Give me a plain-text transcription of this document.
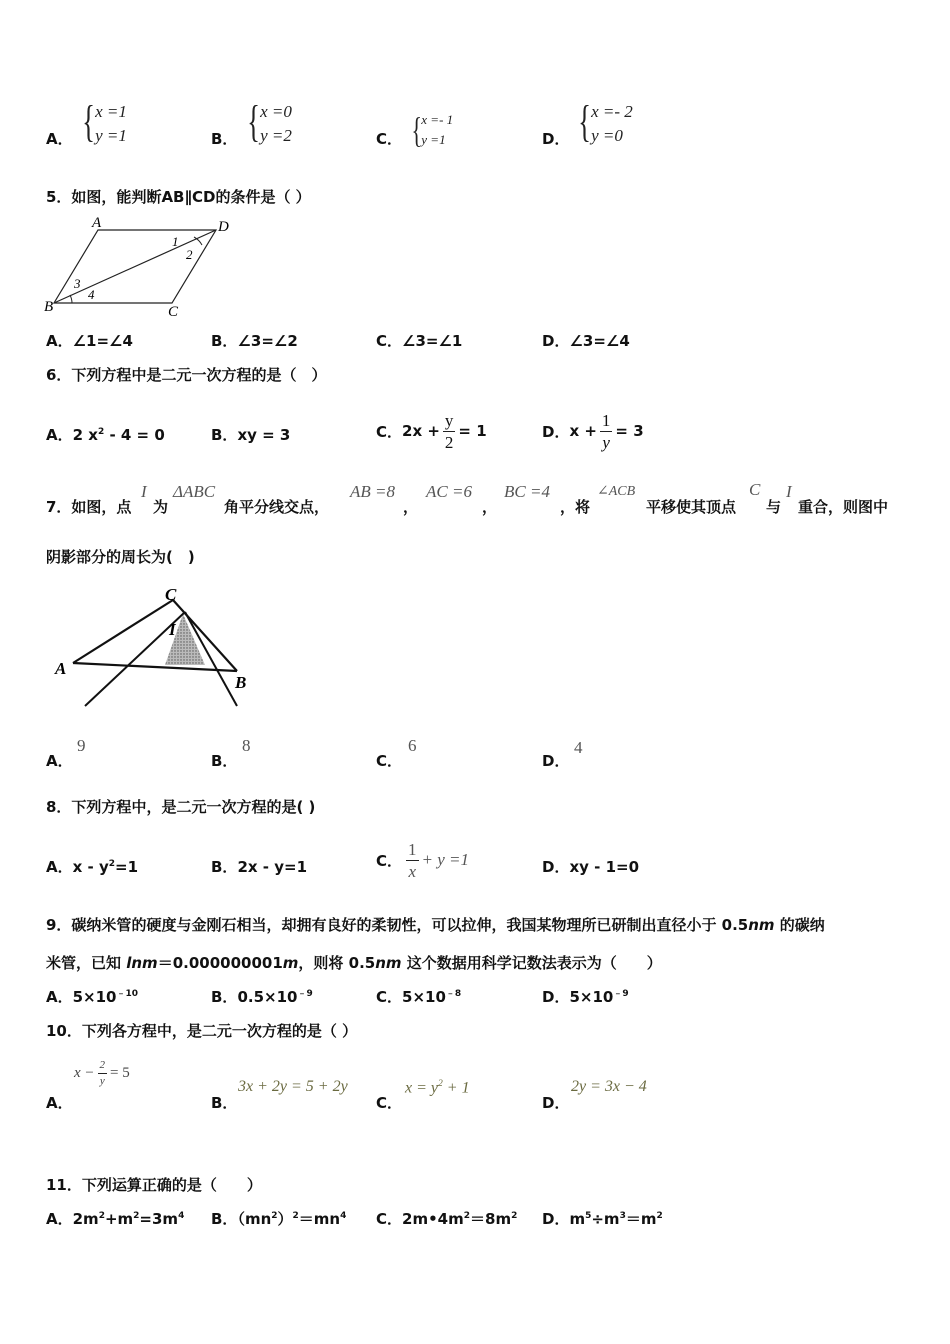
A． { x =1
y =1	B． { x =0
y =2	C． { x =- 1
y =1	D． { x =- 2
y =0
5．如图，能判断AB∥CD的条件是（ ）
A	D
B	C
1
2
3
4
A．∠1=∠4	B．∠3=∠2	C．∠3=∠1	D．∠3=∠4
6．下列方程中是二元一次方程的是（　）
A．2 $x^2 - 4 = 0$	B．xy = 3	C． $2x + \frac{y}{2} = 1$	D． $x + \frac{1}{y} = 3$
7．如图，点
I
为
ΔABC
角平分线交点，
AB =8
，
AC =6
，
BC =4
，将
∠ACB
平移使其顶点
C
与
I
重合，则图中
阴影部分的周长为(　)
C
I
A
B
A．
9
B．
8
C．
6
D．
4
8．下列方程中，是二元一次方程的是( )
A．$x - y^2=1$	B．2x - y=1	C． $\frac{1}{x} + y =1$	D．xy - 1=0
9．碳纳米管的硬度与金刚石相当，却拥有良好的柔韧性，可以拉伸，我国某物理所已研制出直径小于 0.5nm 的碳纳
米管，已知 lnm＝0.000000001m，则将 0.5nm 这个数据用科学记数法表示为（　　）
A．$5\times 10^{﹣10}$	B．$0.5\times 10^{﹣9}$	C．$5\times 10^{﹣8}$	D．$5\times 10^{﹣9}$
10．下列各方程中，是二元一次方程的是（ ）
A．
$x - \frac{2}{y} = 5$
B．
3x + 2y = 5 + 2y
C．
$x = y^2 + 1$
D．
2y = 3x − 4
11．下列运算正确的是（　　）
A．$2m^2+m^2=3m^4$ B．$(mn^2)^2=mn^4$ C．$2m•4m^2=8m^2$ D．$m^5\div m^3=m^2$
